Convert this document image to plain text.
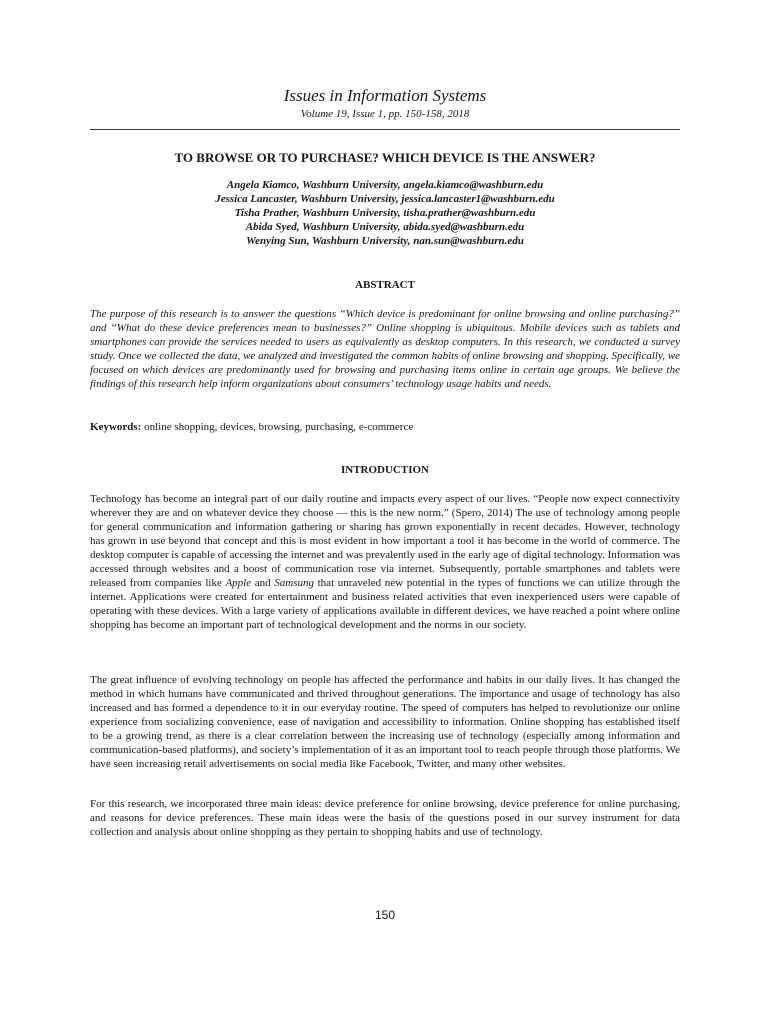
Issues in Information Systems
Volume 19, Issue 1, pp. 150-158, 2018
TO BROWSE OR TO PURCHASE? WHICH DEVICE IS THE ANSWER?
Angela Kiamco, Washburn University, angela.kiamco@washburn.edu
Jessica Lancaster, Washburn University, jessica.lancaster1@washburn.edu
Tisha Prather, Washburn University, tisha.prather@washburn.edu
Abida Syed, Washburn University, abida.syed@washburn.edu
Wenying Sun, Washburn University, nan.sun@washburn.edu
ABSTRACT
The purpose of this research is to answer the questions “Which device is predominant for online browsing and online purchasing?” and “What do these device preferences mean to businesses?” Online shopping is ubiquitous. Mobile devices such as tablets and smartphones can provide the services needed to users as equivalently as desktop computers. In this research, we conducted a survey study. Once we collected the data, we analyzed and investigated the common habits of online browsing and shopping. Specifically, we focused on which devices are predominantly used for browsing and purchasing items online in certain age groups. We believe the findings of this research help inform organizations about consumers’ technology usage habits and needs.
Keywords: online shopping, devices, browsing, purchasing, e-commerce
INTRODUCTION
Technology has become an integral part of our daily routine and impacts every aspect of our lives. “People now expect connectivity wherever they are and on whatever device they choose — this is the new norm.” (Spero, 2014) The use of technology among people for general communication and information gathering or sharing has grown exponentially in recent decades. However, technology has grown in use beyond that concept and this is most evident in how important a tool it has become in the world of commerce. The desktop computer is capable of accessing the internet and was prevalently used in the early age of digital technology. Information was accessed through websites and a boost of communication rose via internet. Subsequently, portable smartphones and tablets were released from companies like Apple and Samsung that unraveled new potential in the types of functions we can utilize through the internet. Applications were created for entertainment and business related activities that even inexperienced users were capable of operating with these devices. With a large variety of applications available in different devices, we have reached a point where online shopping has become an important part of technological development and the norms in our society.
The great influence of evolving technology on people has affected the performance and habits in our daily lives. It has changed the method in which humans have communicated and thrived throughout generations. The importance and usage of technology has also increased and has formed a dependence to it in our everyday routine. The speed of computers has helped to revolutionize our online experience from socializing convenience, ease of navigation and accessibility to information. Online shopping has established itself to be a growing trend, as there is a clear correlation between the increasing use of technology (especially among information and communication-based platforms), and society’s implementation of it as an important tool to reach people through those platforms. We have seen increasing retail advertisements on social media like Facebook, Twitter, and many other websites.
For this research, we incorporated three main ideas: device preference for online browsing, device preference for online purchasing, and reasons for device preferences. These main ideas were the basis of the questions posed in our survey instrument for data collection and analysis about online shopping as they pertain to shopping habits and use of technology.
150
